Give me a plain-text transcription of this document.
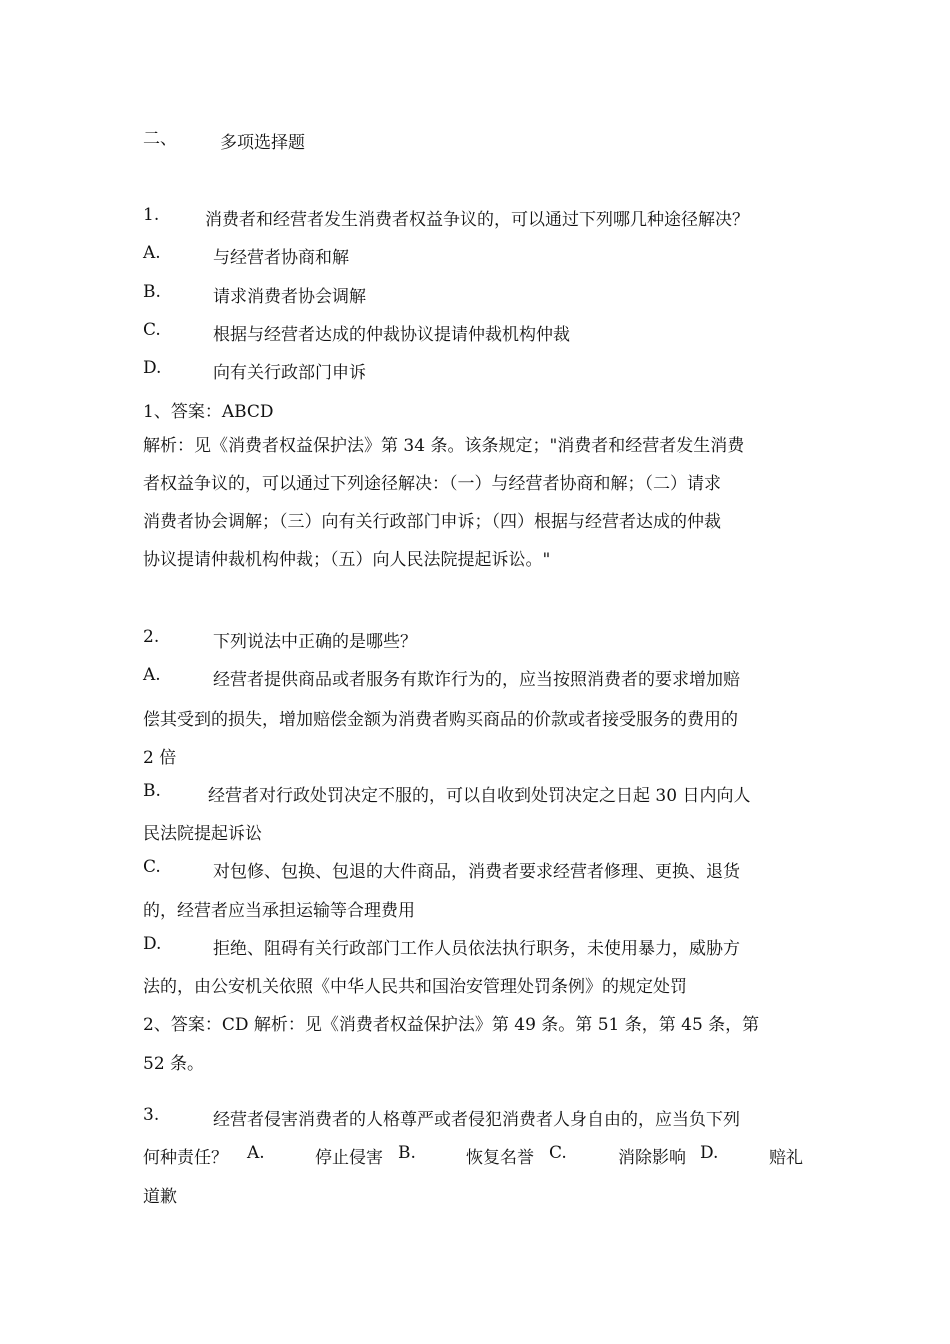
二、	多项选择题
1.	消费者和经营者发生消费者权益争议的，可以通过下列哪几种途径解决？
A.	与经营者协商和解
B.	请求消费者协会调解
C.	根据与经营者达成的仲裁协议提请仲裁机构仲裁
D.	向有关行政部门申诉
1、答案：ABCD
解析：见《消费者权益保护法》第 34 条。该条规定；"消费者和经营者发生消费
者权益争议的，可以通过下列途径解决：（一）与经营者协商和解；（二）请求
消费者协会调解；（三）向有关行政部门申诉；（四）根据与经营者达成的仲裁
协议提请仲裁机构仲裁；（五）向人民法院提起诉讼。"
2.	下列说法中正确的是哪些？
A.	经营者提供商品或者服务有欺诈行为的，应当按照消费者的要求增加赔
偿其受到的损失，增加赔偿金额为消费者购买商品的价款或者接受服务的费用的
2 倍
B.	经营者对行政处罚决定不服的，可以自收到处罚决定之日起 30 日内向人
民法院提起诉讼
C.	对包修、包换、包退的大件商品，消费者要求经营者修理、更换、退货
的，经营者应当承担运输等合理费用
D.	拒绝、阻碍有关行政部门工作人员依法执行职务，未使用暴力，威胁方
法的，由公安机关依照《中华人民共和国治安管理处罚条例》的规定处罚
2、答案：CD 解析：见《消费者权益保护法》第 49 条。第 51 条，第 45 条，第
52 条。
3.	经营者侵害消费者的人格尊严或者侵犯消费者人身自由的，应当负下列
何种责任？ A.	停止侵害 B.	恢复名誉 C.	消除影响 D.	赔礼
道歉
